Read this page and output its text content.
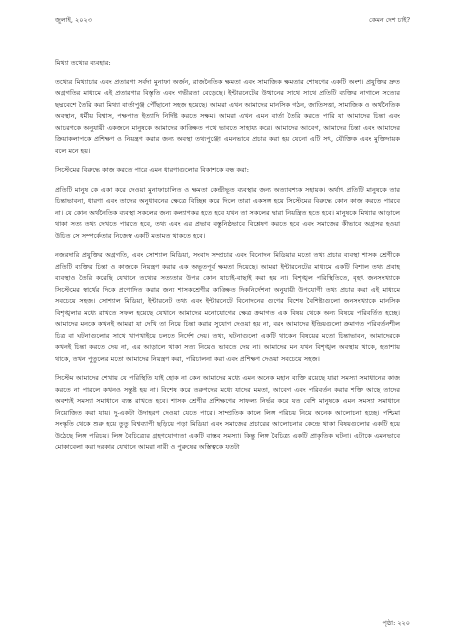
জুলাই, ২০২৩	কেমন দেশ চাই?

মিথ্যা তথ্যের ব্যবহার:

তথ্যের মিথ্যাচার এবং প্রতারণা সর্বদা মুনাফা অর্জন, রাজনৈতিক ক্ষমতা এবং সামাজিক ক্ষমতার শোষণের একটি অংশ। প্রযুক্তির দ্রুত অগ্রগতির মাধ্যমে এই প্রতারণার বিস্তৃতি এবং গভীরতা বেড়েছে। ইন্টারনেটের উত্থানের সাথে সাথে প্রতিটি ব্যক্তির নাগালে সত্যের ছদ্মবেশে তৈরি করা মিথ্যা বার্তাপুঞ্জ পৌঁছানো সহজ হয়েছে। আমরা এখন আমাদের মানসিক গঠন, জাতিসত্তা, সামাজিক ও অর্থনৈতিক অবস্থান, ধর্মীয় বিশ্বাস, পক্ষপাত ইত্যাদি নির্দিষ্ট করতে সক্ষম। আমরা এখন এমন বার্তা তৈরি করতে পারি যা আমাদের চিন্তা এবং আচরণকে অনুযায়ী একজনে মানুষকে আমাদের কাঙ্ক্ষিত পথে ভাবতে সাহায্য করে। আমাদের আবেগ, আমাদের চিন্তা এবং আমাদের ক্রিয়াকলাপকে প্রশিক্ষণ ও নিয়ন্ত্রণ করার জন্য অবস্থা তথ্যপুঞ্জো এমনভাবে প্রচার করা হয় যেনো এটি সৎ, যৌক্তিক এবং মুক্তিদায়ক বলে মনে হয়।

সিস্টেমের বিরুদ্ধে কাজ করতে পারে এমন ধারণাগুলোর বিকাশকে বন্ধ করা:

প্রতিটি মানুষ কে একা করে দেওয়া মুনাফাচালিত ও ক্ষমতা কেন্দ্রীভূত ব্যবস্থার জন্য অত্যাবশ্যক সহায়ক। অর্থাৎ প্রতিটি মানুষকে তার চিন্তাভাবনা, ধারণা এবং তাদের অনুধাবনের ক্ষেত্রে বিচ্ছিন্ন করে দিলে তারা একসঙ্গ হয়ে সিস্টেমের বিরুদ্ধে কোন কাজ করতে পারবে না। যে কোন অর্থনৈতিক ব্যবস্থা সকলের জন্য কল্যাণকর হতে হবে যখন তা সকলের দ্বারা নিয়ন্ত্রিত হতে হবে। মানুষকে মিথ্যার আড়ালে থাকা সত্য তথ্য দেখতে পারতে হবে, তথ্য এবং এর প্রভাব বস্তুনিষ্ঠভাবে বিশ্লেষণ করতে হবে এবং সমাজের কীভাবে অগ্রসর হওয়া উচিত সে সম্পর্কেতার নিজেস্ব একটি মতামত থাকতে হবে।

নজরদারি প্রযুক্তির অগ্রগতি, এবং সোশ্যাল মিডিয়া, সংবাদ সম্প্রচার এবং বিনোদন মিডিয়ার মতো তথ্য প্রচার ব্যবস্থা শাসক শ্রেণীকে প্রতিটি ব্যক্তির চিন্তা ও কাজকে নিয়ন্ত্রণ করার এক অভূতপূর্ব ক্ষমতা দিয়েছে। আমরা ইন্টারনেটের মাধ্যমে একটি বিশাল তথ্য প্রবাহ ব্যবস্থাও তৈরি করেছি যেখানে তথ্যের সত্যতার উপর কোন যাচাই-বাছাই করা হয় না। বিশৃঙ্খল পরিস্থিতিতে, বৃহৎ জনসংখ্যাকে সিস্টেমের স্বার্থের দিকে প্রণোদিত করার জন্য শাসকশ্রেণীর কাঙ্ক্ষিত দিকনির্দেশনা অনুযায়ী উপযোগী তথ্য প্রচার করা এই মাধ্যমে সবচেয়ে সহজ। সোশ্যাল মিডিয়া, ইন্টারনেট তথ্য এবং ইন্টারনেটে বিনোদনের গুণের বিশেষ বৈশিষ্ট্যগুলো জনসংখ্যাকে মানসিক বিশৃঙ্খলার মধ্যে রাখতে সফল হয়েছে যেখানে আমাদের মনোযোগের ক্ষেত্র ক্রমাগত এক বিষয় থেকে অন্য বিষয়ে পরিবর্তিত হচ্ছে। আমাদের মনকে কখনই আমরা যা দেখি তা নিয়ে চিন্তা করার সুযোগ দেওয়া হয় না, বরং আমাদের ইন্দ্রিয়গুলো ক্রমাগত পরিবর্তনশীল চিত্র বা ঘটনাগুলোর সাথে খাপখাইয়ে চলতে নির্দেশ দেয়। তথ্য, ঘটনাগুলো একটি থাকেন বিষয়ের মতো চিন্তাভাবন, আমাদেরকে কখনই চিন্তা করতে দেয় না, এর আড়ালে থাকা সত্য নিয়েও ভাবতে দেয় না। আমাদের মন যখন বিশৃঙ্খল অবস্থায় থাকে, হতাশায় থাকে, তখন পুতুলের মতো আমাদের নিয়ন্ত্রণ করা, পরিচালনা করা এবং প্রশিক্ষণ দেওয়া সবচেয়ে সহজ।

সিস্টেম আমাদের শেখায় যে পরিস্থিতি যাই হোক না কেন আমাদের মধ্যে এমন অনেক মহান ব্যক্তি রয়েছে যারা সমস্যা সমাধানের কাজ করতে না পারলে কখনও সন্তুষ্ট হয় না। বিশেষ করে তরুণদের মধ্যে যাদের মমতা, আবেগ এবং পরিবর্তন করার শক্তি আছে তাদের অবশ্যই সমস্যা সমাধানে ব্যস্ত রাখতে হবে। শাসক শ্রেণীর প্রশিক্ষণের সাফল্য নির্ভর করে যত বেশি মানুষকে এমন সমস্যা সমাধানে নিয়োজিত করা যায়। দু-একটা উদাহরণ দেওয়া যেতে পারে। সাম্প্রতিক কালে লিঙ্গ পরিচয় নিয়ে অনেক আলোচনা হচ্ছে। পশ্চিমা সংস্কৃতি থেকে শুরু হয়ে তুতু বিশ্বব্যাপী ছড়িয়ে পড়া মিডিয়া এবং সমাজের প্রচারের আলোচনার কেন্দ্রে থাকা বিষয়গুলোর একটি হয়ে উঠেছে লিঙ্গ পরিচয়। লিঙ্গ বৈচিত্র্যের গ্রহণযোগ্যতা একটি বাস্তব সমস্যা। কিন্তু লিঙ্গ বৈচিত্র্য একটি প্রাকৃতিক ঘটনা। এটাকে এমনভাবে মোকাবেলা করা দরকার যেখানে আমরা নারী ও পুরুষের অস্তিত্বকে যতটা

পৃষ্ঠা: ২২০
